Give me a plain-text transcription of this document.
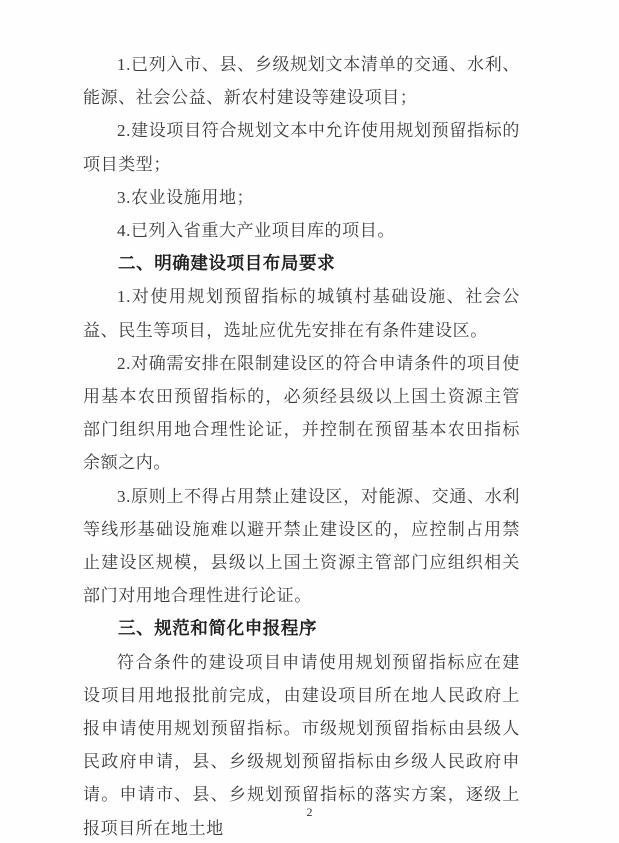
1.已列入市、县、乡级规划文本清单的交通、水利、能源、社会公益、新农村建设等建设项目；

2.建设项目符合规划文本中允许使用规划预留指标的项目类型；

3.农业设施用地；

4.已列入省重大产业项目库的项目。

二、明确建设项目布局要求

1.对使用规划预留指标的城镇村基础设施、社会公益、民生等项目，选址应优先安排在有条件建设区。

2.对确需安排在限制建设区的符合申请条件的项目使用基本农田预留指标的，必须经县级以上国土资源主管部门组织用地合理性论证，并控制在预留基本农田指标余额之内。

3.原则上不得占用禁止建设区，对能源、交通、水利等线形基础设施难以避开禁止建设区的，应控制占用禁止建设区规模，县级以上国土资源主管部门应组织相关部门对用地合理性进行论证。

三、规范和简化申报程序

符合条件的建设项目申请使用规划预留指标应在建设项目用地报批前完成，由建设项目所在地人民政府上报申请使用规划预留指标。市级规划预留指标由县级人民政府申请，县、乡级规划预留指标由乡级人民政府申请。申请市、县、乡规划预留指标的落实方案，逐级上报项目所在地土地

2
